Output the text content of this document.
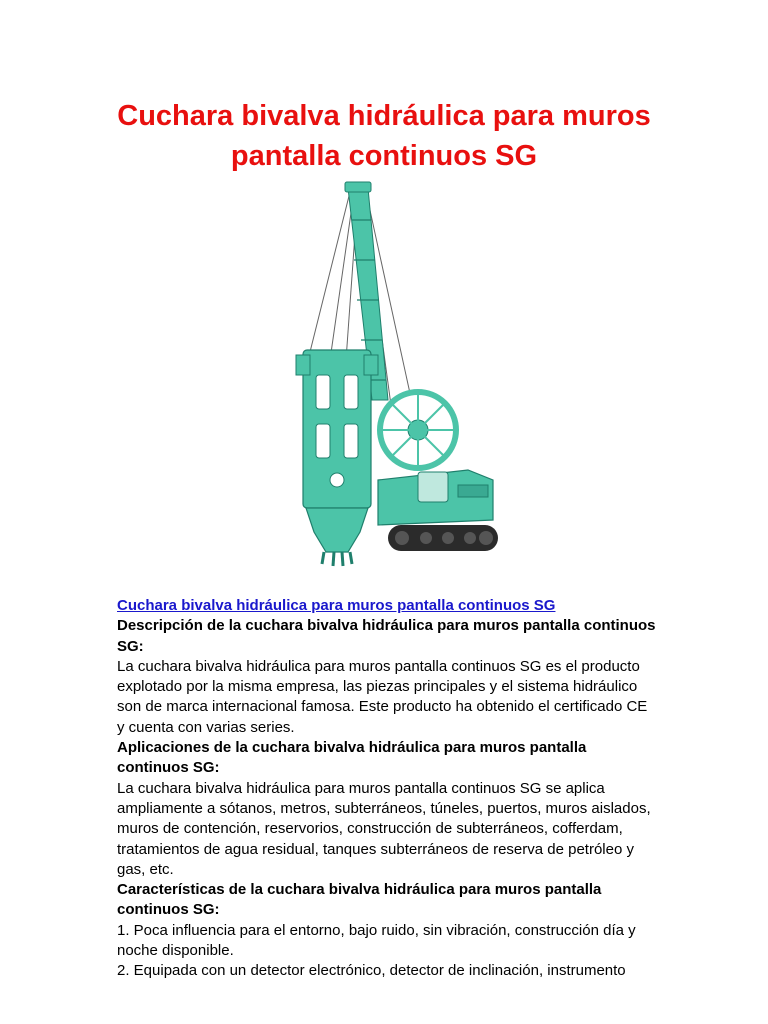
Cuchara bivalva hidráulica para muros
pantalla continuos SG

Cuchara bivalva hidráulica para muros pantalla continuos SG

Descripción de la cuchara bivalva hidráulica para muros pantalla continuos SG:

La cuchara bivalva hidráulica para muros pantalla continuos SG es el producto explotado por la misma empresa, las piezas principales y el sistema hidráulico son de marca internacional famosa. Este producto ha obtenido el certificado CE y cuenta con varias series.

Aplicaciones de la cuchara bivalva hidráulica para muros pantalla continuos SG:

La cuchara bivalva hidráulica para muros pantalla continuos SG se aplica ampliamente a sótanos, metros, subterráneos, túneles, puertos, muros aislados, muros de contención, reservorios, construcción de subterráneos, cofferdam, tratamientos de agua residual, tanques subterráneos de reserva de petróleo y gas, etc.

Características de la cuchara bivalva hidráulica para muros pantalla continuos SG:

1. Poca influencia para el entorno, bajo ruido, sin vibración, construcción día y noche disponible.

2. Equipada con un detector electrónico, detector de inclinación, instrumento
